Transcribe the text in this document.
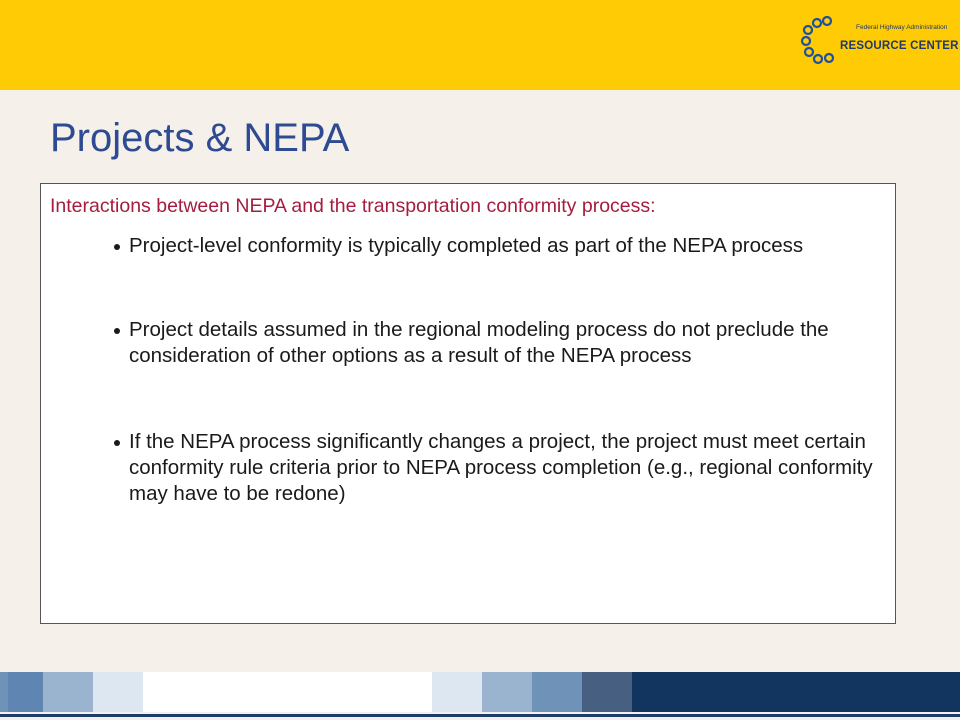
Federal Highway Administration
RESOURCE CENTER
Projects & NEPA
Interactions between NEPA and the transportation conformity process:
Project-level conformity is typically completed as part of the NEPA process
Project details assumed in the regional modeling process do not preclude the consideration of other options as a result of the NEPA process
If the NEPA process significantly changes a project, the project must meet certain conformity rule criteria prior to NEPA process completion (e.g., regional conformity may have to be redone)
